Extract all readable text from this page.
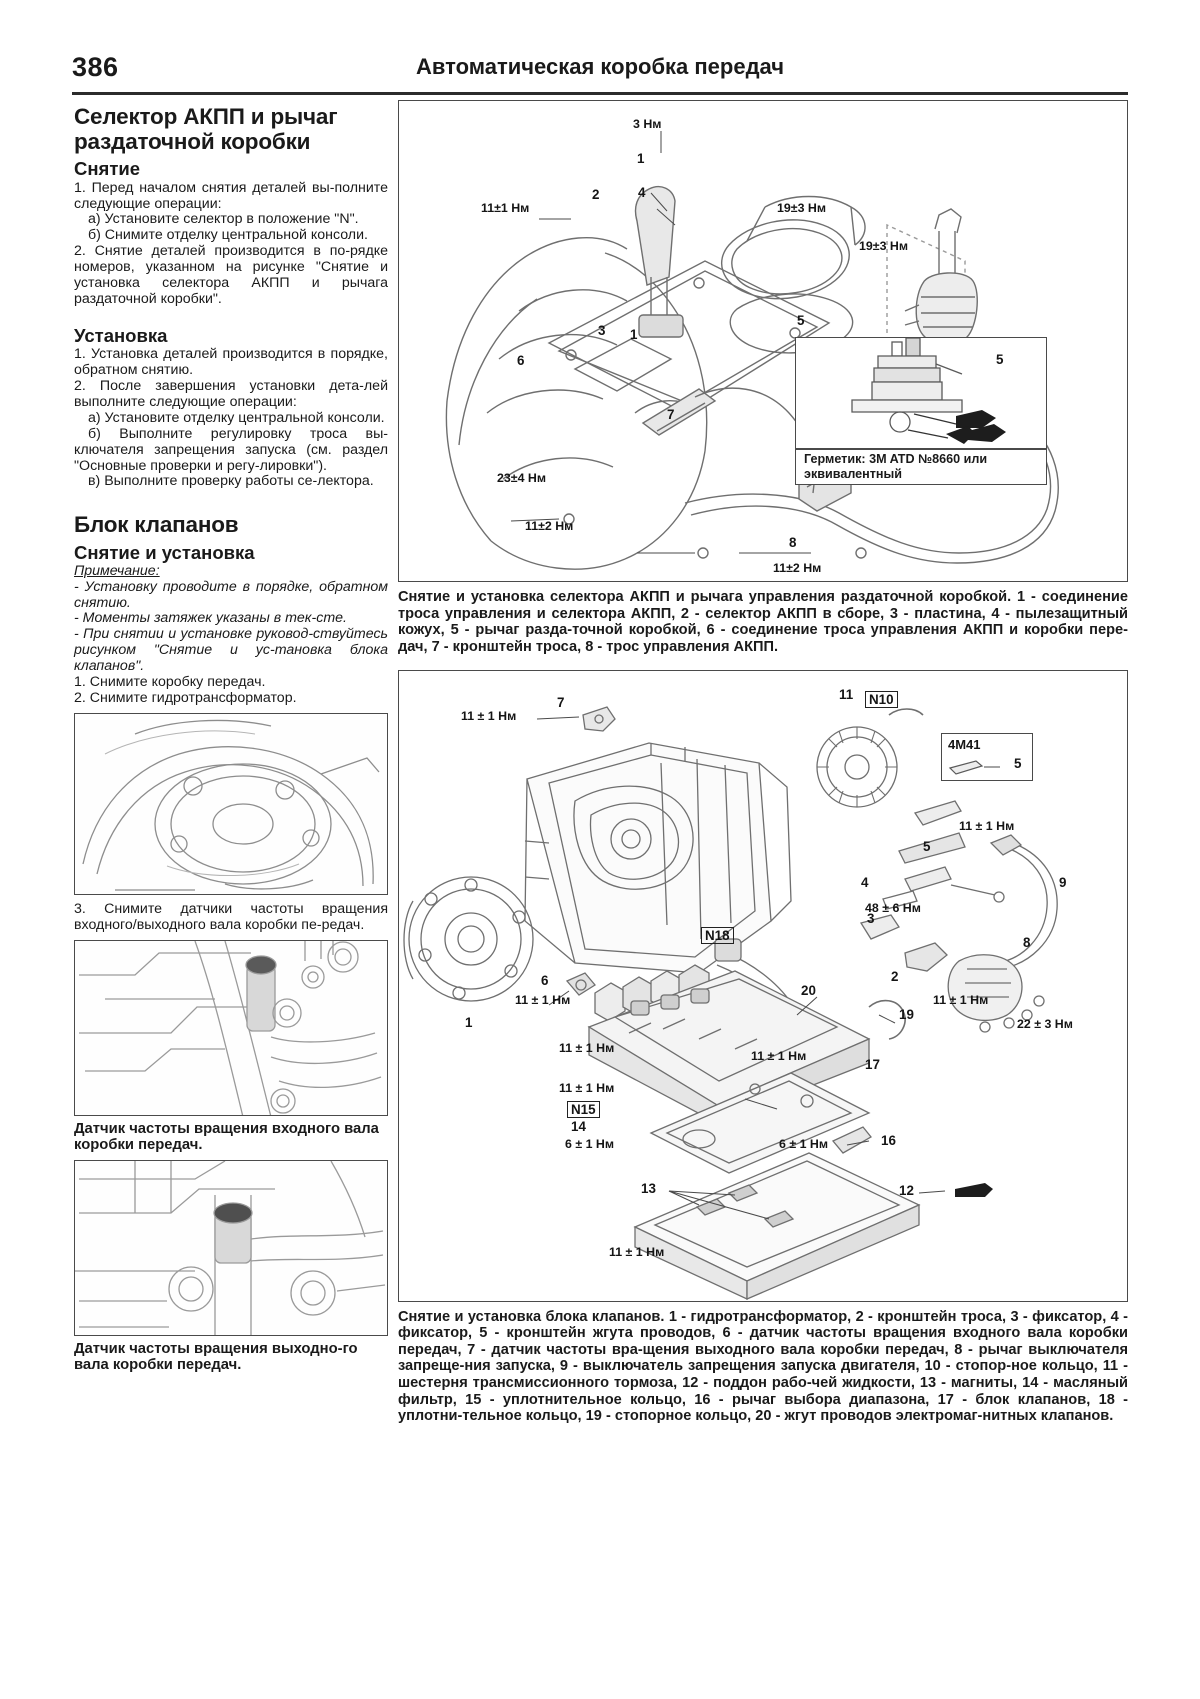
386	Автоматическая коробка передач
Селектор АКПП и рычаг раздаточной коробки
Снятие

1. Перед началом снятия деталей вы-полните следующие операции:

а) Установите селектор в положение "N".

б) Снимите отделку центральной консоли.

2. Снятие деталей производится в по-рядке номеров, указанном на рисунке "Снятие и установка селектора АКПП и рычага раздаточной коробки".

Установка

1. Установка деталей производится в порядке, обратном снятию.

2. После завершения установки дета-лей выполните следующие операции:

а) Установите отделку центральной консоли.

б) Выполните регулировку троса вы-ключателя запрещения запуска (см. раздел "Основные проверки и регу-лировки").

в) Выполните проверку работы се-лектора.

Блок клапанов
Снятие и установка

Примечание:

- Установку проводите в порядке, обратном снятию.

- Моменты затяжек указаны в тек-сте.

- При снятии и установке руковод-ствуйтесь рисунком "Снятие и ус-тановка блока клапанов".

1. Снимите коробку передач.

2. Снимите гидротрансформатор.

3. Снимите датчики частоты вращения входного/выходного вала коробки пе-редач.

Датчик частоты вращения входного вала коробки передач.

Датчик частоты вращения выходно-го вала коробки передач.

3 Нм
11±1 Нм	19±3 Нм
19±3 Нм
23±4 Нм
11±2 Нм
11±2 Нм
1
2
3
6
7
8
4
1
5
5
Герметик: 3M ATD №8660 или эквивалентный

Снятие и установка селектора АКПП и рычага управления раздаточной коробкой. 1 - соединение троса управления и селектора АКПП, 2 - селектор АКПП в сборе, 3 - пластина, 4 - пылезащитный кожух, 5 - рычаг разда-точной коробкой, 6 - соединение троса управления АКПП и коробки пере-дач, 7 - кронштейн троса, 8 - трос управления АКПП.

11 ± 1 Нм
11 ± 1 Нм
11 ± 1 Нм
11 ± 1 Нм
11 ± 1 Нм
11 ± 1 Нм
11 ± 1 Нм
11 ± 1 Нм
48 ± 6 Нм
22 ± 3 Нм
6 ± 1 Нм	6 ± 1 Нм
4M41
5
1
2
3
4
5
6
7
8
9
11
12
13
16
17
19
20
N10
N18
N15
14

Снятие и установка блока клапанов. 1 - гидротрансформатор, 2 - кронштейн троса, 3 - фиксатор, 4 - фиксатор, 5 - кронштейн жгута проводов, 6 - датчик частоты вращения входного вала коробки передач, 7 - датчик частоты вра-щения выходного вала коробки передач, 8 - рычаг выключателя запреще-ния запуска, 9 - выключатель запрещения запуска двигателя, 10 - стопор-ное кольцо, 11 - шестерня трансмиссионного тормоза, 12 - поддон рабо-чей жидкости, 13 - магниты, 14 - масляный фильтр, 15 - уплотнительное кольцо, 16 - рычаг выбора диапазона, 17 - блок клапанов, 18 - уплотни-тельное кольцо, 19 - стопорное кольцо, 20 - жгут проводов электромаг-нитных клапанов.
